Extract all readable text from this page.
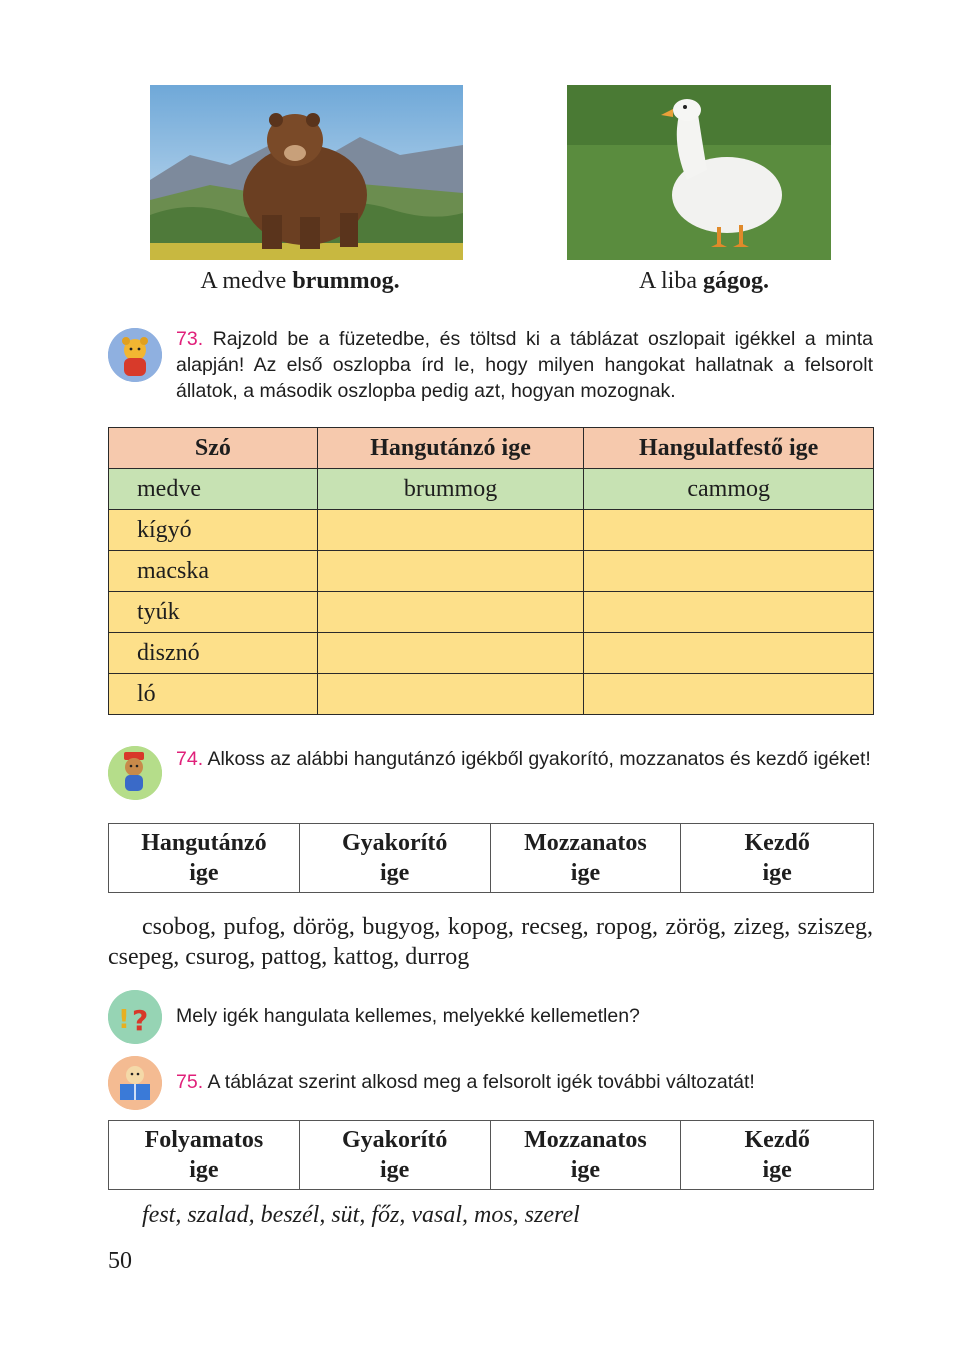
A medve brummog.	A liba gágog.
73. Rajzold be a füzetedbe, és töltsd ki a táblázat oszlopait igékkel a minta alapján! Az első oszlopba írd le, hogy milyen hangokat hallatnak a felsorolt állatok, a második oszlopba pedig azt, hogyan mozognak.
Szó	Hangutánzó ige	Hangulatfestő ige
medve	brummog	cammog
kígyó		
macska		
tyúk		
disznó		
ló		
74. Alkoss az alábbi hangutánzó igékből gyakorító, mozzanatos és kezdő igéket!
Hangutánzó
ige	Gyakorító
ige	Mozzanatos
ige	Kezdő
ige
csobog, pufog, dörög, bugyog, kopog, recseg, ropog, zörög, zizeg, sziszeg, csepeg, csurog, pattog, kattog, durrog
! ? Mely igék hangulata kellemes, melyekké kellemetlen?
75. A táblázat szerint alkosd meg a felsorolt igék további változatát!
Folyamatos
ige	Gyakorító
ige	Mozzanatos
ige	Kezdő
ige
fest, szalad, beszél, süt, főz, vasal, mos, szerel
50
